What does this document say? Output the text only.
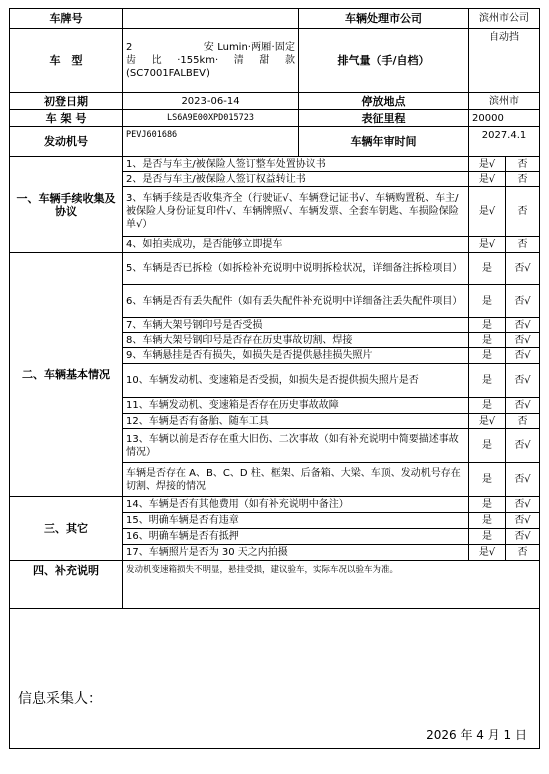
车牌号		车辆处理市公司	滨州市公司	
车　型	2　　　　　　　安 Lumin·两厢·固定齿比·155km·清甜款(SC7001FALBEV)	排气量（手/自档）	自动挡	
初登日期	2023-06-14	停放地点	滨州市	
车 架 号	LS6A9E00XPD015723	表征里程	20000	
发动机号	PEVJ601686	车辆年审时间	2027.4.1	
一、车辆手续收集及协议	1、是否与车主/被保险人签订整车处置协议书		是√	否
	2、是否与车主/被保险人签订权益转让书		是√	否
	3、车辆手续是否收集齐全（行驶证√、车辆登记证书√、车辆购置税、车主/被保险人身份证复印件√、车辆牌照√、车辆发票、全套车钥匙、车损险保险单√）		是√	否
	4、如拍卖成功，是否能够立即提车		是√	否
二、车辆基本情况	5、车辆是否已拆检（如拆检补充说明中说明拆检状况，详细备注拆检项目）		是	否√
	6、车辆是否有丢失配件（如有丢失配件补充说明中详细备注丢失配件项目）		是	否√
	7、车辆大架号钢印号是否受损		是	否√
	8、车辆大架号钢印号是否存在历史事故切割、焊接		是	否√
	9、车辆悬挂是否有损失，如损失是否提供悬挂损失照片		是	否√
	10、车辆发动机、变速箱是否受损，如损失是否提供损失照片是否		是	否√
	11、车辆发动机、变速箱是否存在历史事故故障		是	否√
	12、车辆是否有备胎、随车工具		是√	否
	13、车辆以前是否存在重大旧伤、二次事故（如有补充说明中简要描述事故情况）		是	否√
	车辆是否存在 A、B、C、D 柱、框架、后备箱、大梁、车顶、发动机号存在切割、焊接的情况		是	否√
三、其它	14、车辆是否有其他费用（如有补充说明中备注）		是	否√
	15、明确车辆是否有违章		是	否√
	16、明确车辆是否有抵押		是	否√
	17、车辆照片是否为 30 天之内拍摄		是√	否
四、补充说明	发动机变速箱损失不明显，悬挂受损，建议验车，实际车况以验车为准。			

信息采集人：
2026 年 4 月 1 日				
